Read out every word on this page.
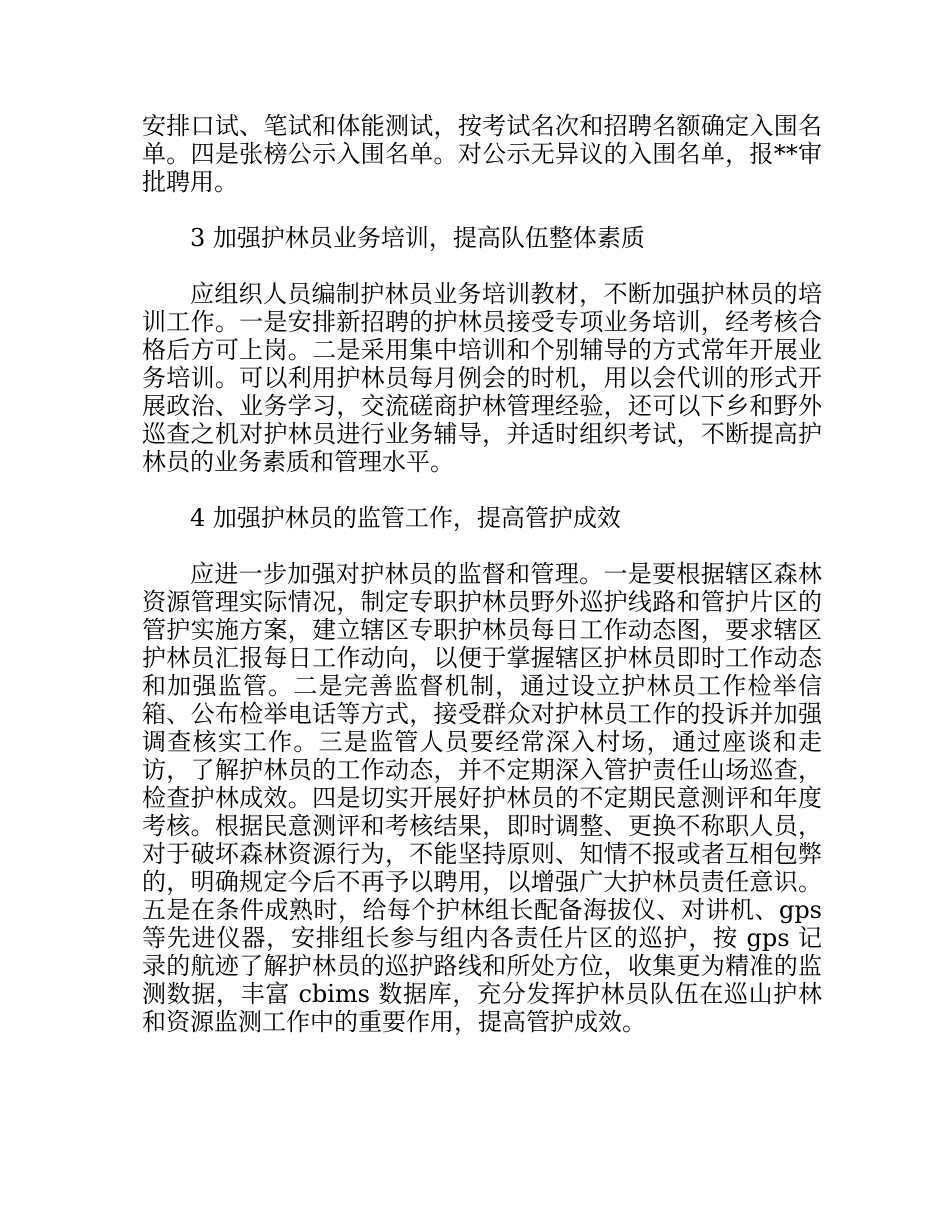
安排口试、笔试和体能测试，按考试名次和招聘名额确定入围名单。四是张榜公示入围名单。对公示无异议的入围名单，报**审批聘用。

3 加强护林员业务培训，提高队伍整体素质

应组织人员编制护林员业务培训教材，不断加强护林员的培训工作。一是安排新招聘的护林员接受专项业务培训，经考核合格后方可上岗。二是采用集中培训和个别辅导的方式常年开展业务培训。可以利用护林员每月例会的时机，用以会代训的形式开展政治、业务学习，交流磋商护林管理经验，还可以下乡和野外巡查之机对护林员进行业务辅导，并适时组织考试，不断提高护林员的业务素质和管理水平。

4 加强护林员的监管工作，提高管护成效

应进一步加强对护林员的监督和管理。一是要根据辖区森林资源管理实际情况，制定专职护林员野外巡护线路和管护片区的管护实施方案，建立辖区专职护林员每日工作动态图，要求辖区护林员汇报每日工作动向，以便于掌握辖区护林员即时工作动态和加强监管。二是完善监督机制，通过设立护林员工作检举信箱、公布检举电话等方式，接受群众对护林员工作的投诉并加强调查核实工作。三是监管人员要经常深入村场，通过座谈和走访，了解护林员的工作动态，并不定期深入管护责任山场巡查，检查护林成效。四是切实开展好护林员的不定期民意测评和年度考核。根据民意测评和考核结果，即时调整、更换不称职人员，对于破坏森林资源行为，不能坚持原则、知情不报或者互相包弊的，明确规定今后不再予以聘用，以增强广大护林员责任意识。五是在条件成熟时，给每个护林组长配备海拔仪、对讲机、gps 等先进仪器，安排组长参与组内各责任片区的巡护，按 gps 记录的航迹了解护林员的巡护路线和所处方位，收集更为精准的监测数据，丰富 cbims 数据库，充分发挥护林员队伍在巡山护林和资源监测工作中的重要作用，提高管护成效。
